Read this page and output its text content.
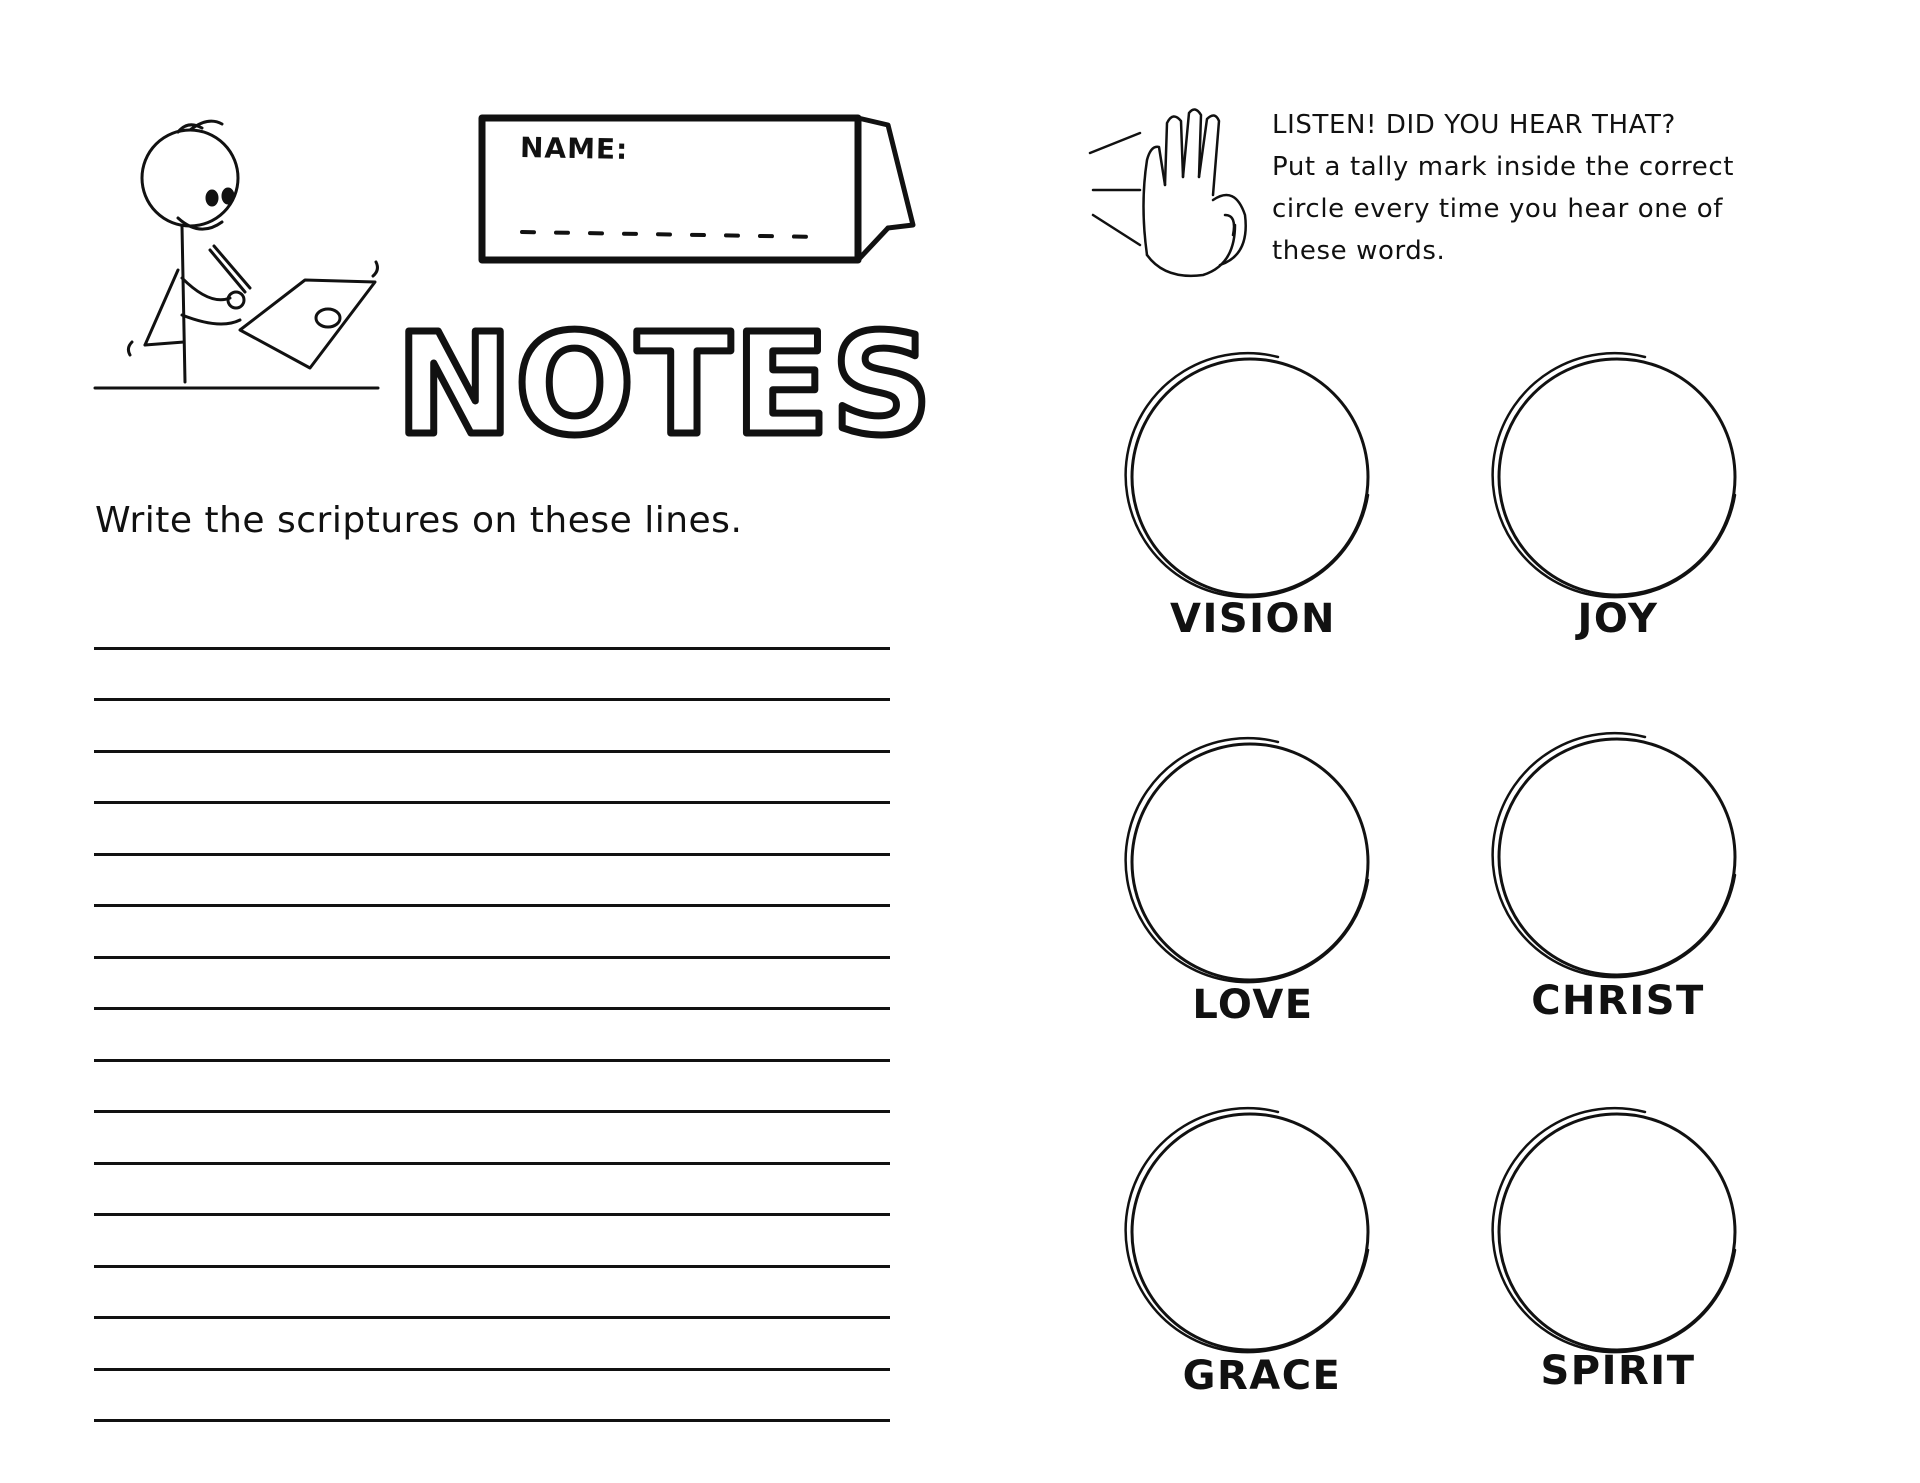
NAME:
NOTES
Write the scriptures on these lines.
LISTEN! DID YOU HEAR THAT?
Put a tally mark inside the correct
circle every time you hear one of
these words.
VISION	JOY
LOVE	CHRIST
GRACE	SPIRIT
